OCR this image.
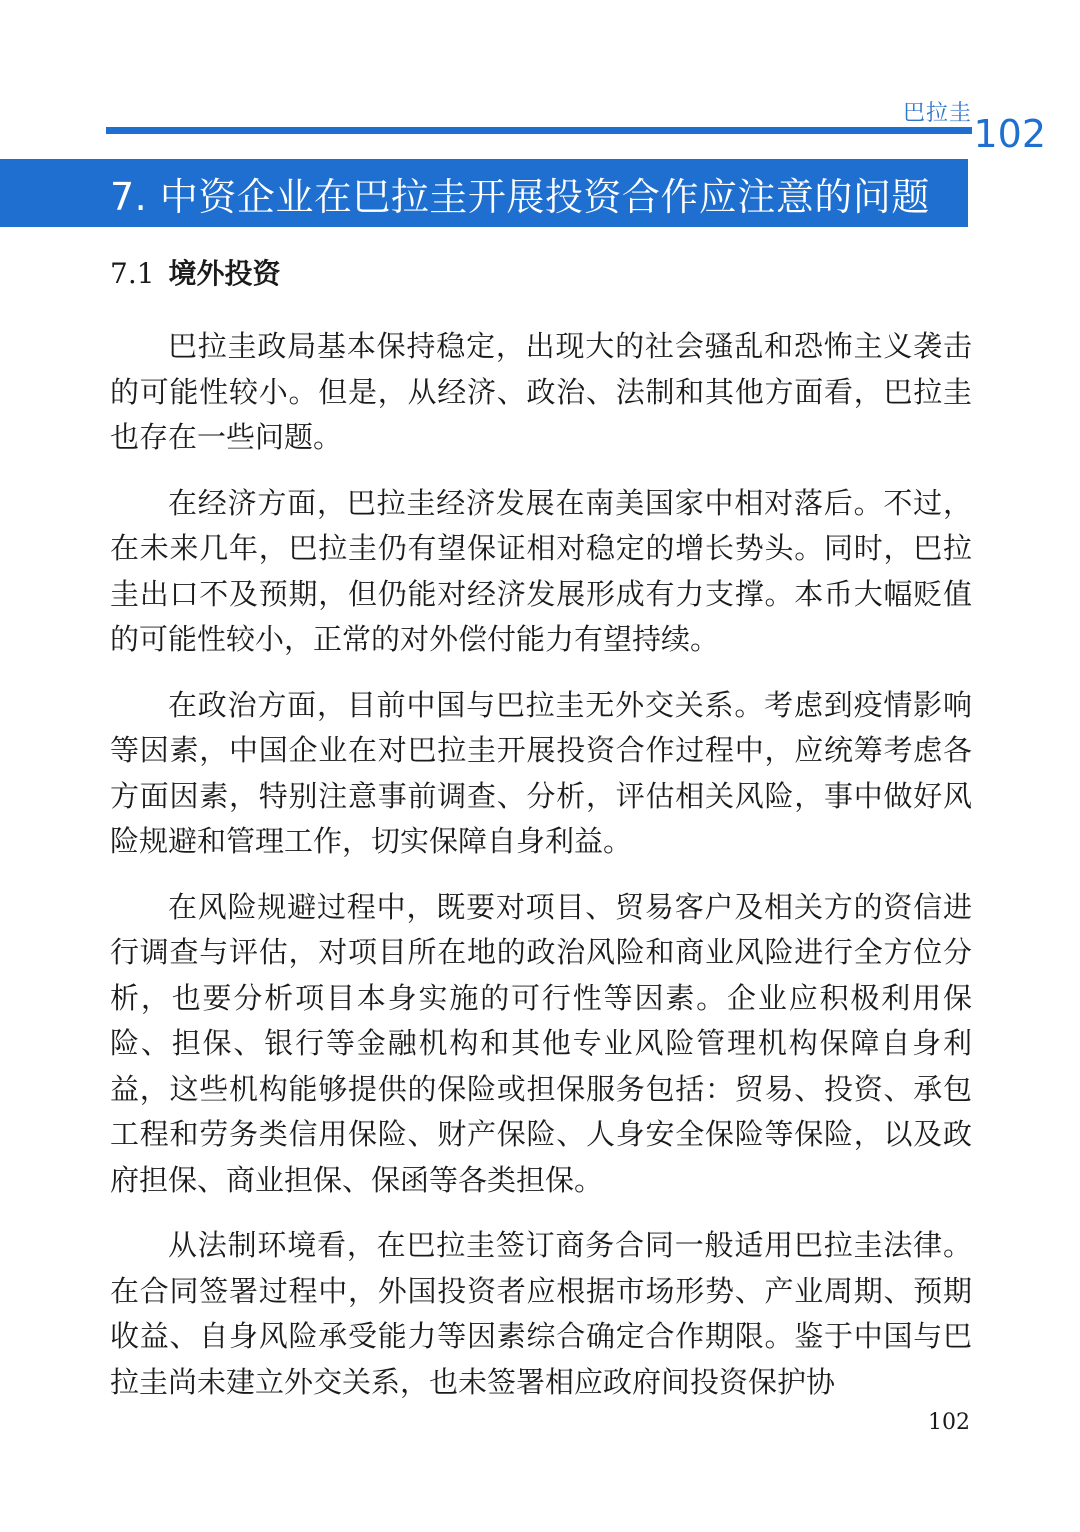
巴拉圭 102
7. 中资企业在巴拉圭开展投资合作应注意的问题
7.1 境外投资

巴拉圭政局基本保持稳定，出现大的社会骚乱和恐怖主义袭击的可能性较小。但是，从经济、政治、法制和其他方面看，巴拉圭也存在一些问题。

在经济方面，巴拉圭经济发展在南美国家中相对落后。不过，在未来几年，巴拉圭仍有望保证相对稳定的增长势头。同时，巴拉圭出口不及预期，但仍能对经济发展形成有力支撑。本币大幅贬值的可能性较小，正常的对外偿付能力有望持续。

在政治方面，目前中国与巴拉圭无外交关系。考虑到疫情影响等因素，中国企业在对巴拉圭开展投资合作过程中，应统筹考虑各方面因素，特别注意事前调查、分析，评估相关风险，事中做好风险规避和管理工作，切实保障自身利益。

在风险规避过程中，既要对项目、贸易客户及相关方的资信进行调查与评估，对项目所在地的政治风险和商业风险进行全方位分析，也要分析项目本身实施的可行性等因素。企业应积极利用保险、担保、银行等金融机构和其他专业风险管理机构保障自身利益，这些机构能够提供的保险或担保服务包括：贸易、投资、承包工程和劳务类信用保险、财产保险、人身安全保险等保险，以及政府担保、商业担保、保函等各类担保。

从法制环境看，在巴拉圭签订商务合同一般适用巴拉圭法律。在合同签署过程中，外国投资者应根据市场形势、产业周期、预期收益、自身风险承受能力等因素综合确定合作期限。鉴于中国与巴拉圭尚未建立外交关系，也未签署相应政府间投资保护协

102
